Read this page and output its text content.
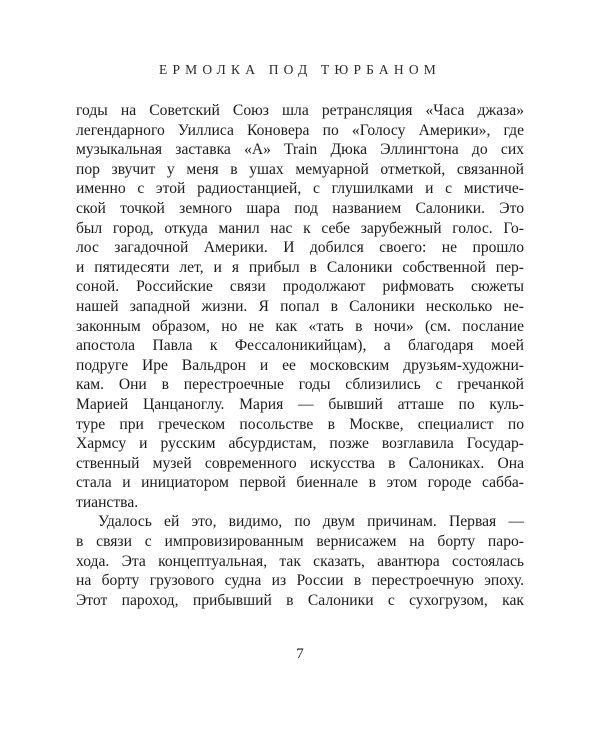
ЕРМОЛКА ПОД ТЮРБАНОМ
годы на Советский Союз шла ретрансляция «Часа джаза»
легендарного Уиллиса Коновера по «Голосу Америки», где
музыкальная заставка «A» Train Дюка Эллингтона до сих
пор звучит у меня в ушах мемуарной отметкой, связанной
именно с этой радиостанцией, с глушилками и с мистиче-
ской точкой земного шара под названием Салоники. Это
был город, откуда манил нас к себе зарубежный голос. Го-
лос загадочной Америки. И добился своего: не прошло
и пятидесяти лет, и я прибыл в Салоники собственной пер-
соной. Российские связи продолжают рифмовать сюжеты
нашей западной жизни. Я попал в Салоники несколько не-
законным образом, но не как «тать в ночи» (см. послание
апостола Павла к Фессалоникийцам), а благодаря моей
подруге Ире Вальдрон и ее московским друзьям-художни-
кам. Они в перестроечные годы сблизились с гречанкой
Марией Цанцаноглу. Мария — бывший атташе по куль-
туре при греческом посольстве в Москве, специалист по
Хармсу и русским абсурдистам, позже возглавила Государ-
ственный музей современного искусства в Салониках. Она
стала и инициатором первой биеннале в этом городе сабба-
тианства.
Удалось ей это, видимо, по двум причинам. Первая —
в связи с импровизированным вернисажем на борту паро-
хода. Эта концептуальная, так сказать, авантюра состоялась
на борту грузового судна из России в перестроечную эпоху.
Этот пароход, прибывший в Салоники с сухогрузом, как
7
